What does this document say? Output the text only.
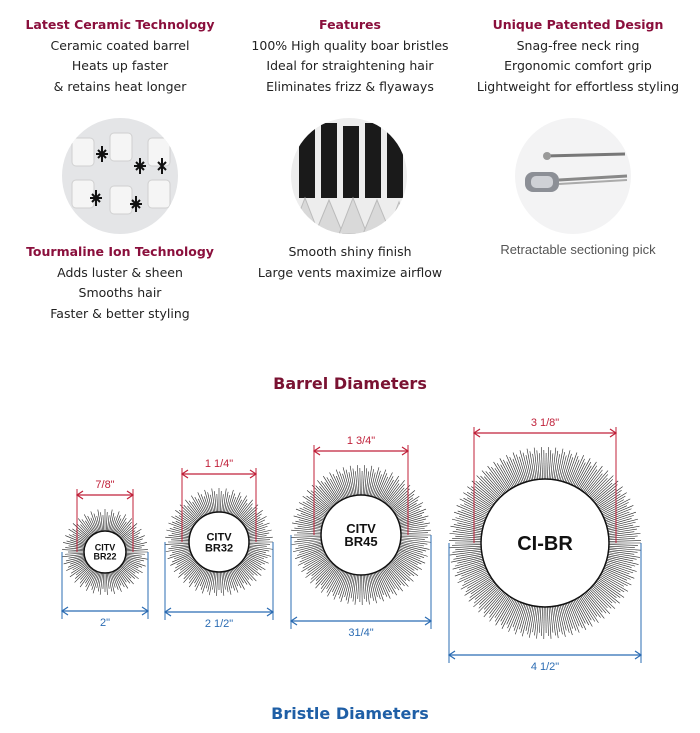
Latest Ceramic Technology
Ceramic coated barrel
Heats up faster
& retains heat longer
Features
100% High quality boar bristles
Ideal for straightening hair
Eliminates frizz & flyaways
Unique Patented Design
Snag-free neck ring
Ergonomic comfort grip
Lightweight for effortless styling
Tourmaline Ion Technology
Adds luster & sheen
Smooths hair
Faster & better styling
Smooth shiny finish
Large vents maximize airflow
Retractable sectioning pick
Barrel Diameters
CITV
BR22
7/8"
2"
CITV
BR32
1 1/4"
2 1/2"
CITV
BR45
1 3/4"
31/4"
CI-BR
3 1/8"
4 1/2"
Bristle Diameters
